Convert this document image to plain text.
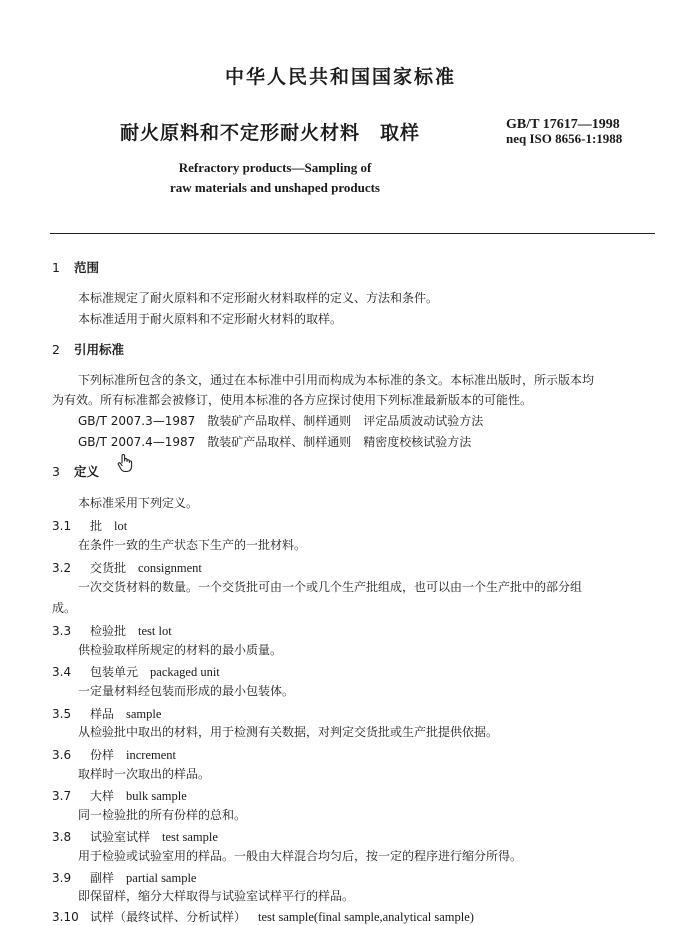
中华人民共和国国家标准
耐火原料和不定形耐火材料　取样	GB/T 17617—1998
neq ISO 8656-1:1988
Refractory products—Sampling of
raw materials and unshaped products
1 范围
本标准规定了耐火原料和不定形耐火材料取样的定义、方法和条件。
本标准适用于耐火原料和不定形耐火材料的取样。
2 引用标准
下列标准所包含的条文，通过在本标准中引用而构成为本标准的条文。本标准出版时，所示版本均
为有效。所有标准都会被修订，使用本标准的各方应探讨使用下列标准最新版本的可能性。
GB/T 2007.3—1987　散装矿产品取样、制样通则　评定品质波动试验方法
GB/T 2007.4—1987　散装矿产品取样、制样通则　精密度校核试验方法
3 定义
本标准采用下列定义。
3.1 批 lot
在条件一致的生产状态下生产的一批材料。
3.2 交货批 consignment
一次交货材料的数量。一个交货批可由一个或几个生产批组成，也可以由一个生产批中的部分组
成。
3.3 检验批 test lot
供检验取样所规定的材料的最小质量。
3.4 包装单元 packaged unit
一定量材料经包装而形成的最小包装体。
3.5 样品 sample
从检验批中取出的材料，用于检测有关数据，对判定交货批或生产批提供依据。
3.6 份样 increment
取样时一次取出的样品。
3.7 大样 bulk sample
同一检验批的所有份样的总和。
3.8 试验室试样 test sample
用于检验或试验室用的样品。一般由大样混合均匀后，按一定的程序进行缩分所得。
3.9 副样 partial sample
即保留样，缩分大样取得与试验室试样平行的样品。
3.10 试样（最终试样、分析试样） test sample(final sample,analytical sample)
